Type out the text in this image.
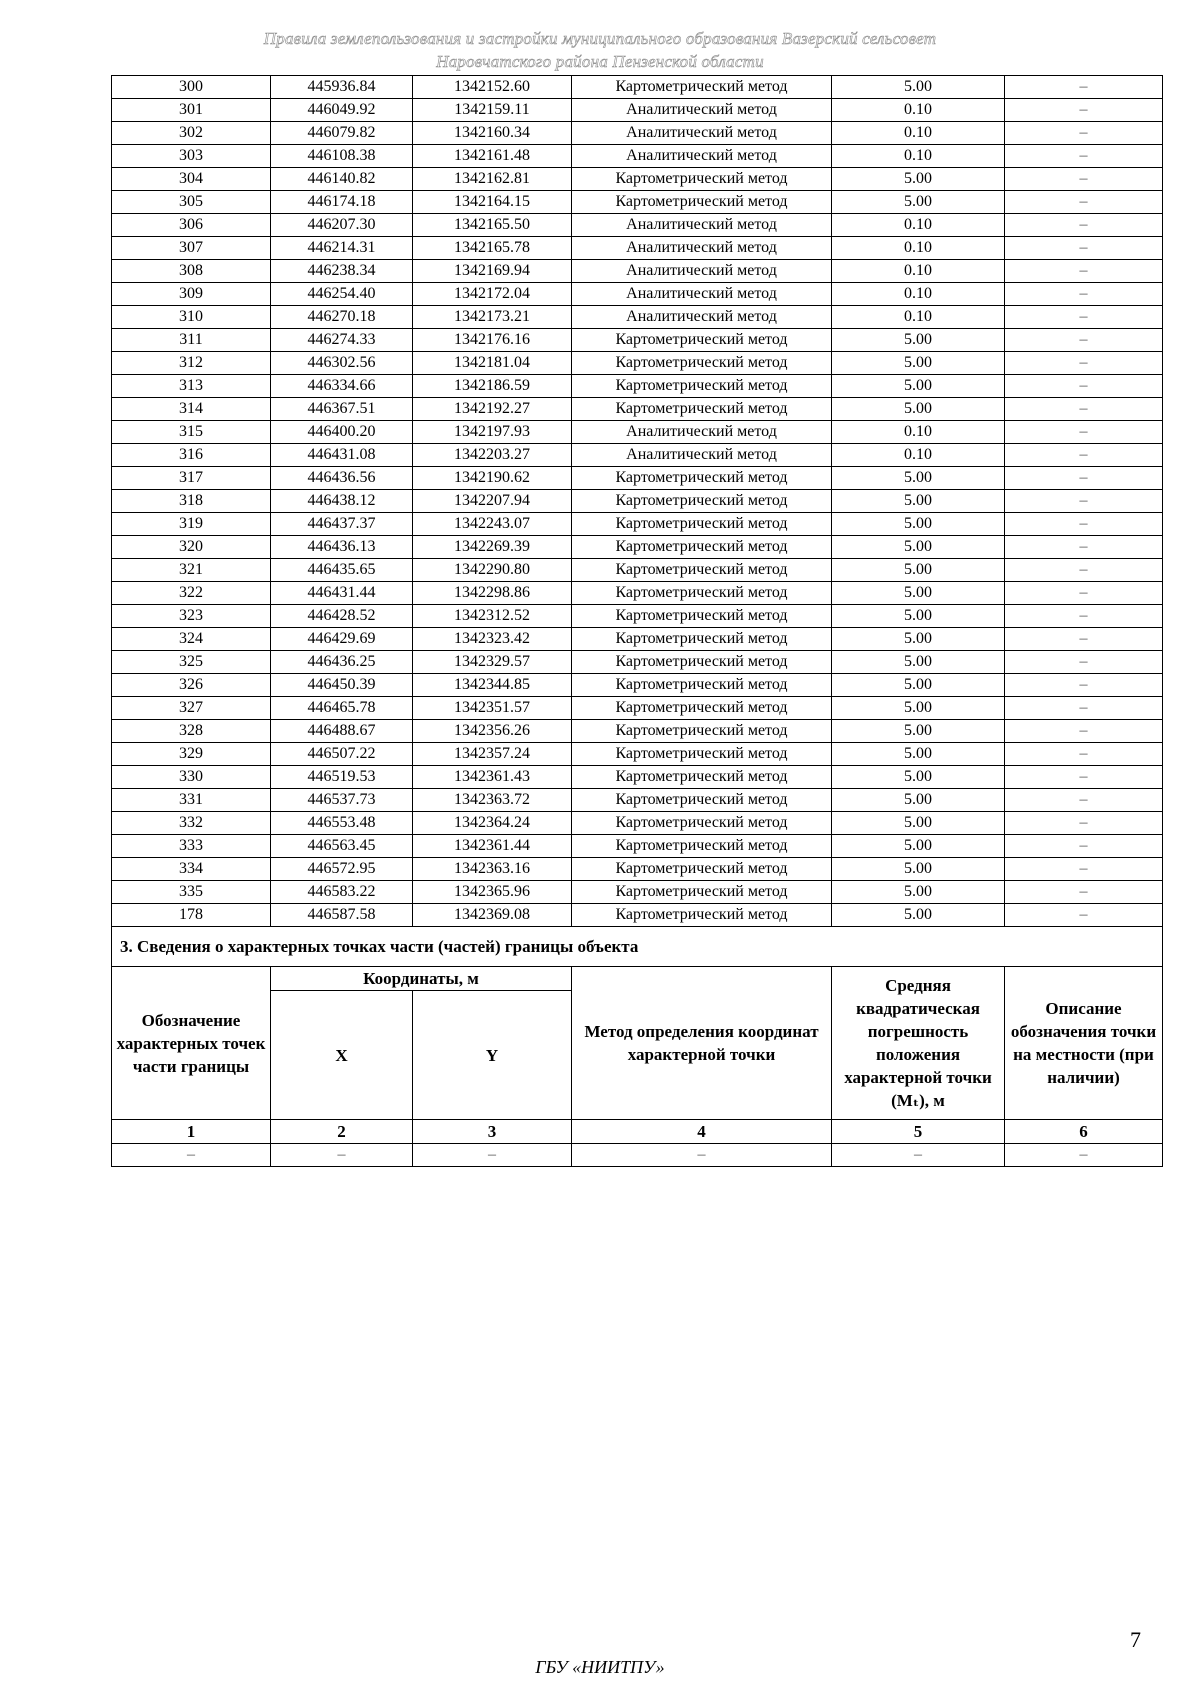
Правила землепользования и застройки муниципального образования Вазерский сельсовет
Наровчатского района Пензенской области
300	445936.84	1342152.60	Картометрический метод	5.00	–
301	446049.92	1342159.11	Аналитический метод	0.10	–
302	446079.82	1342160.34	Аналитический метод	0.10	–
303	446108.38	1342161.48	Аналитический метод	0.10	–
304	446140.82	1342162.81	Картометрический метод	5.00	–
305	446174.18	1342164.15	Картометрический метод	5.00	–
306	446207.30	1342165.50	Аналитический метод	0.10	–
307	446214.31	1342165.78	Аналитический метод	0.10	–
308	446238.34	1342169.94	Аналитический метод	0.10	–
309	446254.40	1342172.04	Аналитический метод	0.10	–
310	446270.18	1342173.21	Аналитический метод	0.10	–
311	446274.33	1342176.16	Картометрический метод	5.00	–
312	446302.56	1342181.04	Картометрический метод	5.00	–
313	446334.66	1342186.59	Картометрический метод	5.00	–
314	446367.51	1342192.27	Картометрический метод	5.00	–
315	446400.20	1342197.93	Аналитический метод	0.10	–
316	446431.08	1342203.27	Аналитический метод	0.10	–
317	446436.56	1342190.62	Картометрический метод	5.00	–
318	446438.12	1342207.94	Картометрический метод	5.00	–
319	446437.37	1342243.07	Картометрический метод	5.00	–
320	446436.13	1342269.39	Картометрический метод	5.00	–
321	446435.65	1342290.80	Картометрический метод	5.00	–
322	446431.44	1342298.86	Картометрический метод	5.00	–
323	446428.52	1342312.52	Картометрический метод	5.00	–
324	446429.69	1342323.42	Картометрический метод	5.00	–
325	446436.25	1342329.57	Картометрический метод	5.00	–
326	446450.39	1342344.85	Картометрический метод	5.00	–
327	446465.78	1342351.57	Картометрический метод	5.00	–
328	446488.67	1342356.26	Картометрический метод	5.00	–
329	446507.22	1342357.24	Картометрический метод	5.00	–
330	446519.53	1342361.43	Картометрический метод	5.00	–
331	446537.73	1342363.72	Картометрический метод	5.00	–
332	446553.48	1342364.24	Картометрический метод	5.00	–
333	446563.45	1342361.44	Картометрический метод	5.00	–
334	446572.95	1342363.16	Картометрический метод	5.00	–
335	446583.22	1342365.96	Картометрический метод	5.00	–
178	446587.58	1342369.08	Картометрический метод	5.00	–
3. Сведения о характерных точках части (частей) границы объекта					
Обозначение характерных точек части границы	Координаты, м		Метод определения координат характерной точки	Средняя квадратическая погрешность положения характерной точки (Mₜ), м	Описание обозначения точки на местности (при наличии)
	X	Y			
1	2	3	4	5	6
–	–	–	–	–	–
7
ГБУ «НИИТПУ»
